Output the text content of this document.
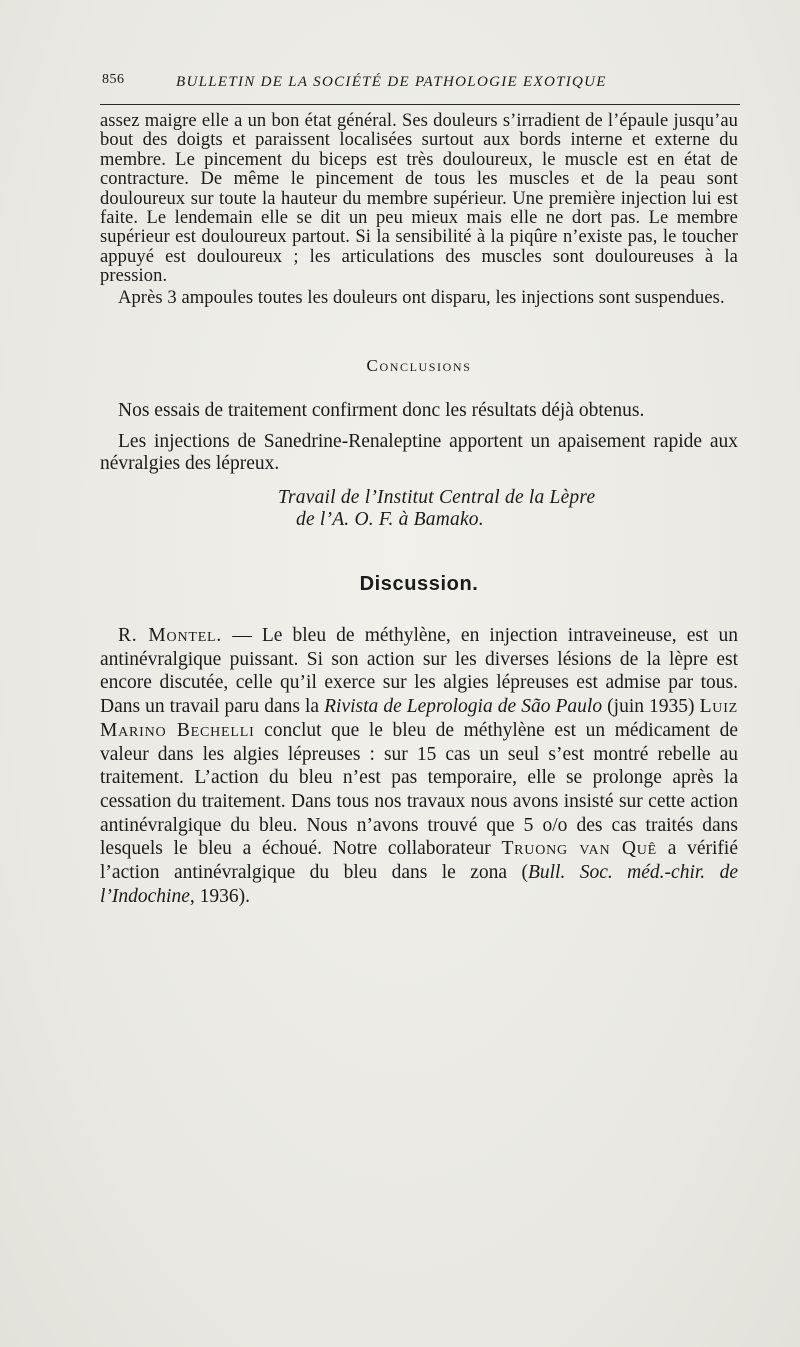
856	BULLETIN DE LA SOCIÉTÉ DE PATHOLOGIE EXOTIQUE

assez maigre elle a un bon état général. Ses douleurs s’irradient de l’épaule jusqu’au bout des doigts et paraissent localisées surtout aux bords interne et externe du membre. Le pincement du biceps est très douloureux, le muscle est en état de contracture. De même le pincement de tous les muscles et de la peau sont douloureux sur toute la hauteur du membre supérieur. Une première injection lui est faite. Le lendemain elle se dit un peu mieux mais elle ne dort pas. Le membre supérieur est douloureux partout. Si la sensibilité à la piqûre n’existe pas, le toucher appuyé est douloureux ; les articulations des muscles sont douloureuses à la pression.

Après 3 ampoules toutes les douleurs ont disparu, les injections sont suspendues.

Conclusions

Nos essais de traitement confirment donc les résultats déjà obtenus.

Les injections de Sanedrine-Renaleptine apportent un apaisement rapide aux névralgies des lépreux.

Travail de l’Institut Central de la Lèpre
de l’A. O. F. à Bamako.
Discussion.

R. Montel. — Le bleu de méthylène, en injection intraveineuse, est un antinévralgique puissant. Si son action sur les diverses lésions de la lèpre est encore discutée, celle qu’il exerce sur les algies lépreuses est admise par tous. Dans un travail paru dans la Rivista de Leprologia de São Paulo (juin 1935) Luiz Marino Bechelli conclut que le bleu de méthylène est un médicament de valeur dans les algies lépreuses : sur 15 cas un seul s’est montré rebelle au traitement. L’action du bleu n’est pas temporaire, elle se prolonge après la cessation du traitement. Dans tous nos travaux nous avons insisté sur cette action antinévralgique du bleu. Nous n’avons trouvé que 5 o/o des cas traités dans lesquels le bleu a échoué. Notre collaborateur Truong van Quê a vérifié l’action antinévralgique du bleu dans le zona (Bull. Soc. méd.-chir. de l’Indochine, 1936).
